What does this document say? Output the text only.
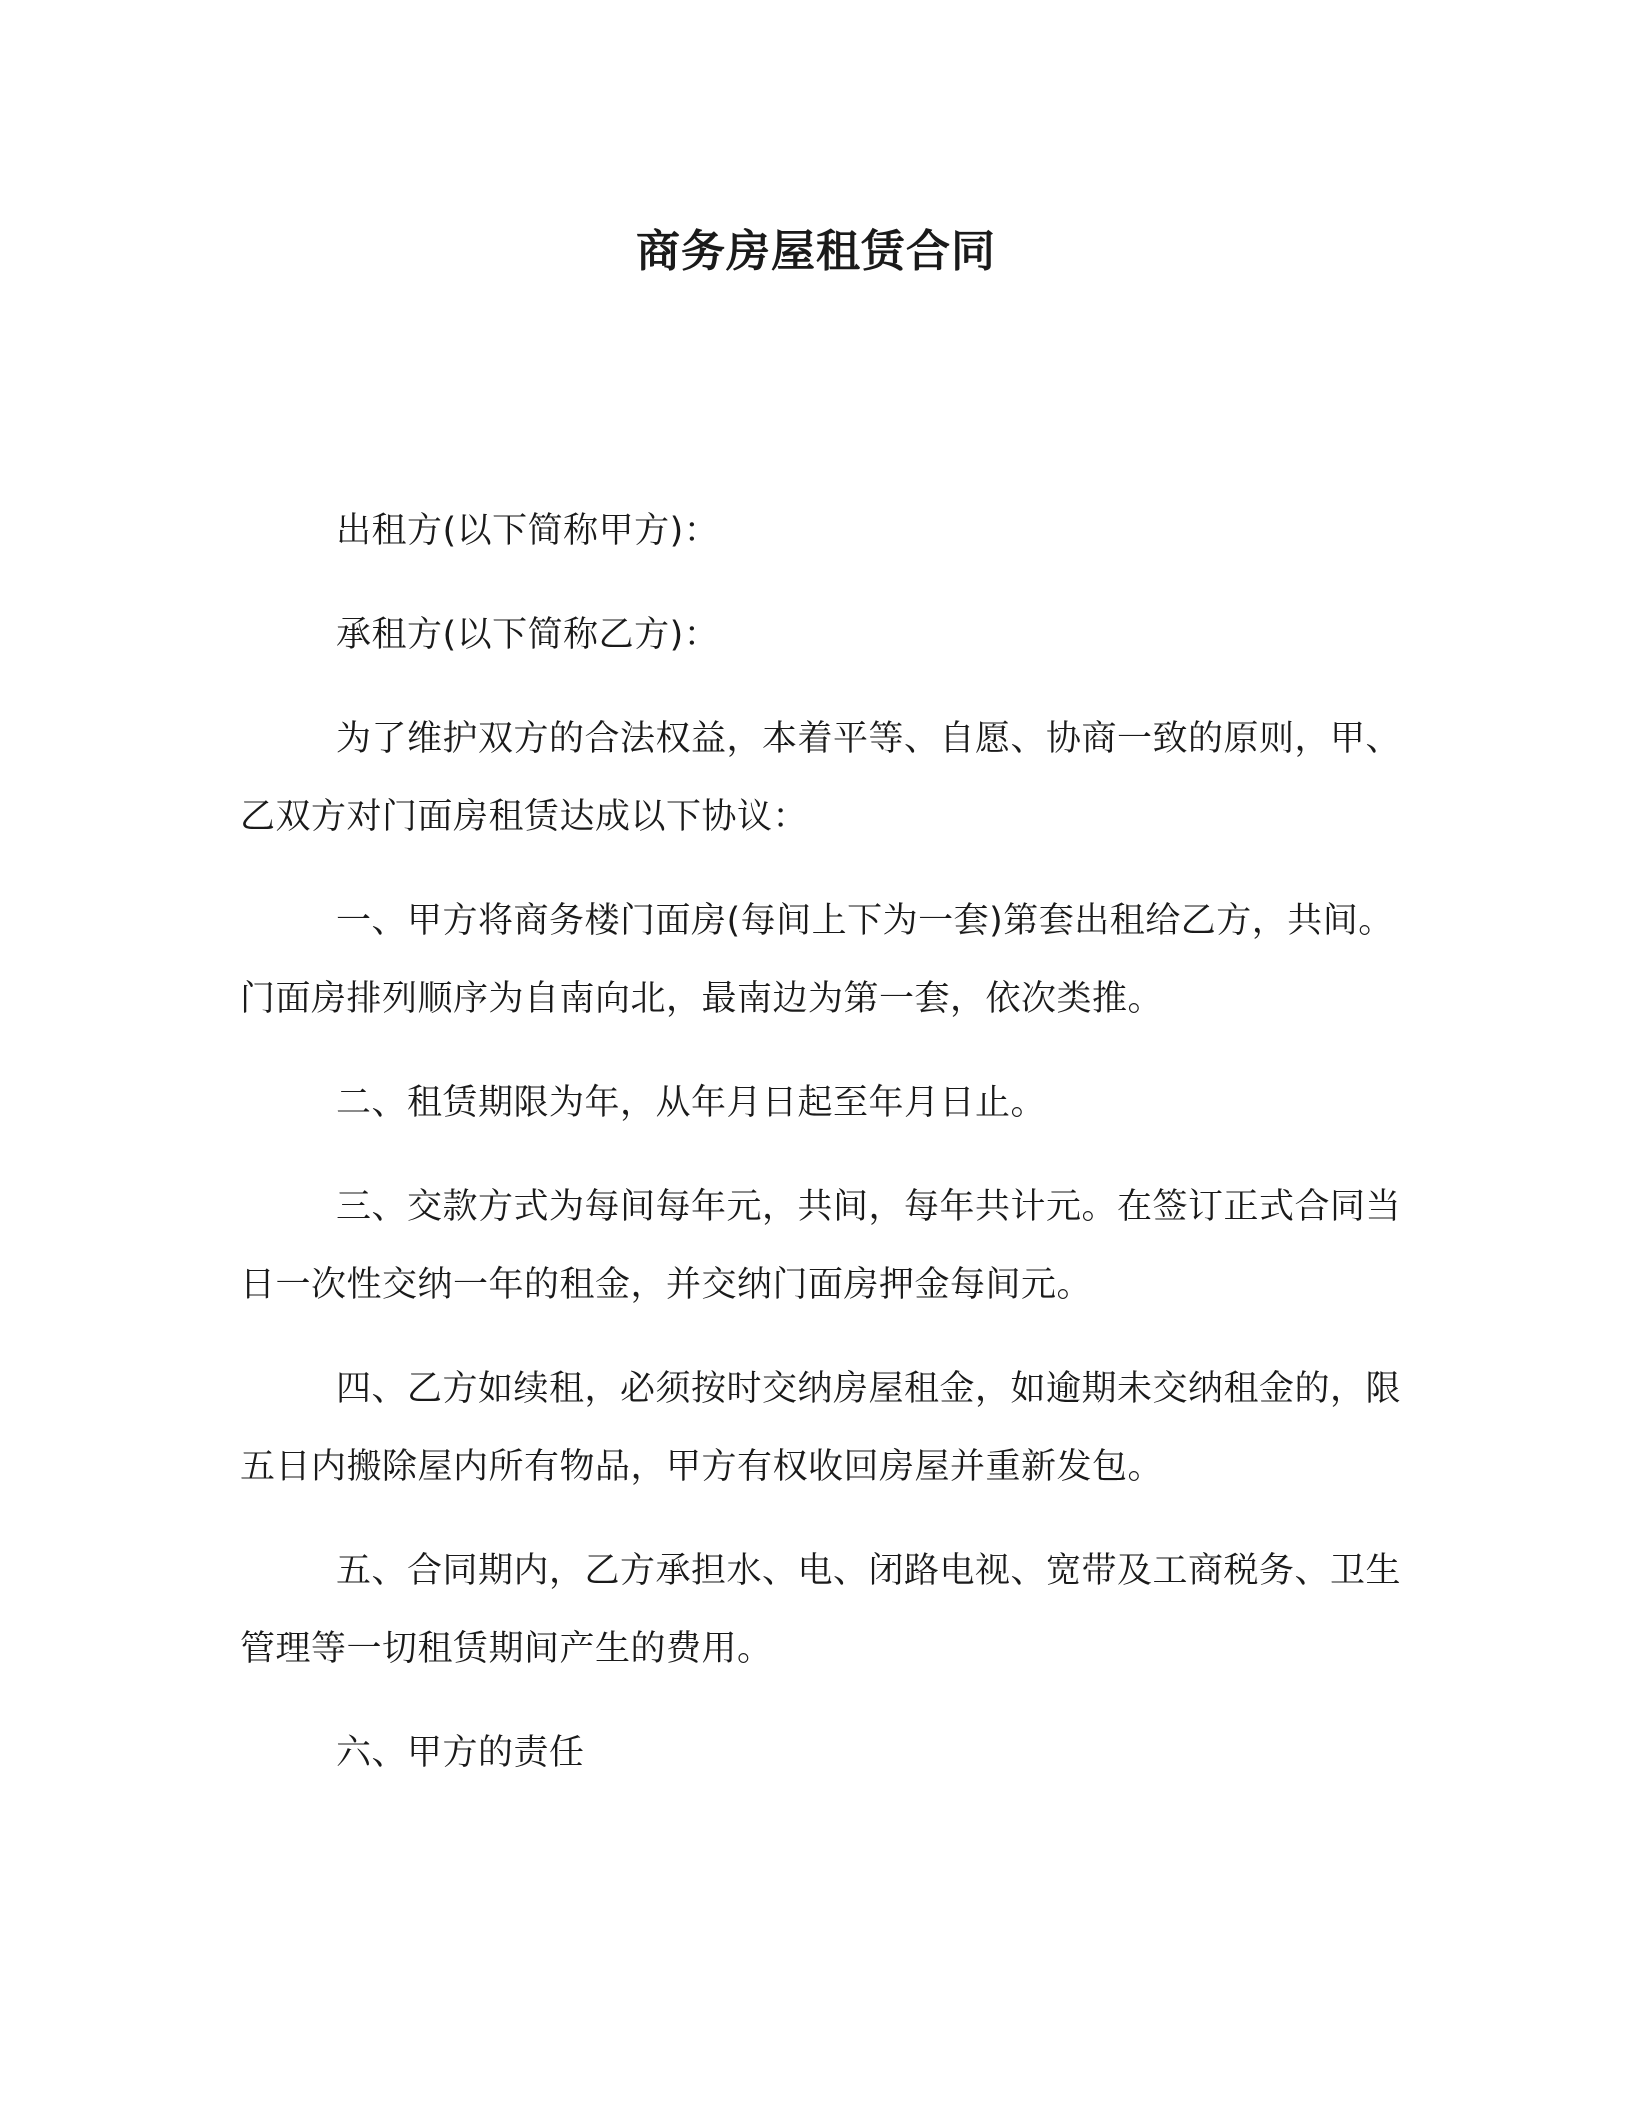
商务房屋租赁合同

出租方(以下简称甲方)：

承租方(以下简称乙方)：

为了维护双方的合法权益，本着平等、自愿、协商一致的原则，甲、乙双方对门面房租赁达成以下协议：

一、甲方将商务楼门面房(每间上下为一套)第套出租给乙方，共间。门面房排列顺序为自南向北，最南边为第一套，依次类推。

二、租赁期限为年，从年月日起至年月日止。

三、交款方式为每间每年元，共间，每年共计元。在签订正式合同当日一次性交纳一年的租金，并交纳门面房押金每间元。

四、乙方如续租，必须按时交纳房屋租金，如逾期未交纳租金的，限五日内搬除屋内所有物品，甲方有权收回房屋并重新发包。

五、合同期内，乙方承担水、电、闭路电视、宽带及工商税务、卫生管理等一切租赁期间产生的费用。

六、甲方的责任
